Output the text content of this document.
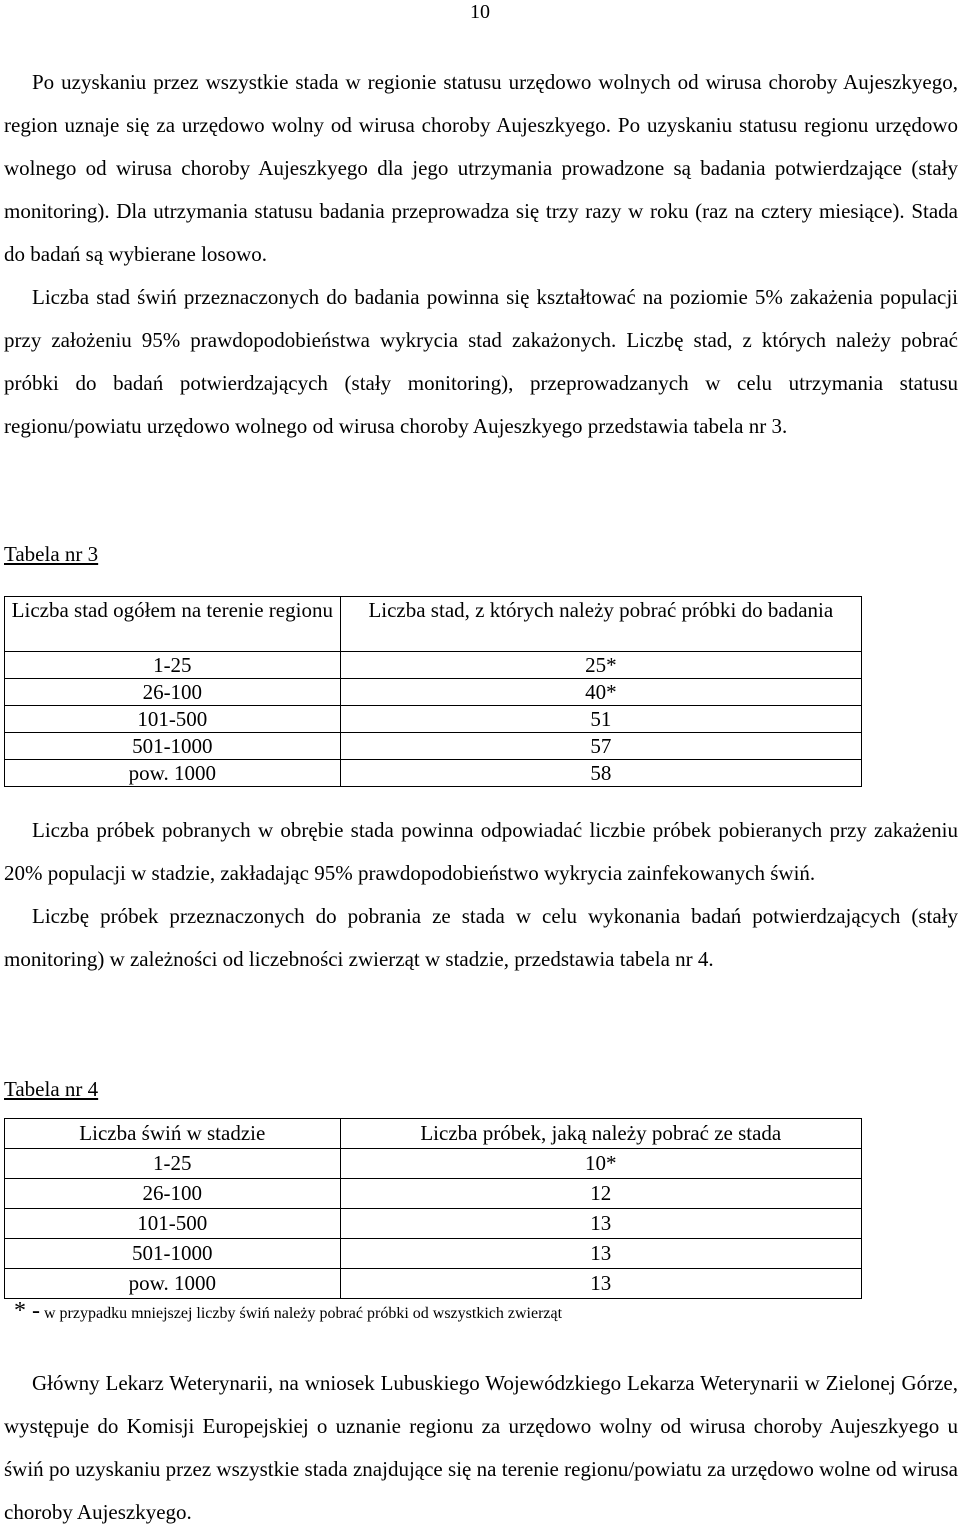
10

Po uzyskaniu przez wszystkie stada w regionie statusu urzędowo wolnych od wirusa choroby Aujeszkyego, region uznaje się za urzędowo wolny od wirusa choroby Aujeszkyego. Po uzyskaniu statusu regionu urzędowo wolnego od wirusa choroby Aujeszkyego dla jego utrzymania prowadzone są badania potwierdzające (stały monitoring). Dla utrzymania statusu badania przeprowadza się trzy razy w roku (raz na cztery miesiące). Stada do badań są wybierane losowo.

Liczba stad świń przeznaczonych do badania powinna się kształtować na poziomie 5% zakażenia populacji przy założeniu 95% prawdopodobieństwa wykrycia stad zakażonych. Liczbę stad, z których należy pobrać próbki do badań potwierdzających (stały monitoring), przeprowadzanych w celu utrzymania statusu regionu/powiatu urzędowo wolnego od wirusa choroby Aujeszkyego przedstawia tabela nr 3.

Tabela nr 3
Liczba stad ogółem na terenie regionu	Liczba stad, z których należy pobrać próbki do badania
1-25	25*
26-100	40*
101-500	51
501-1000	57
pow. 1000	58

Liczba próbek pobranych w obrębie stada powinna odpowiadać liczbie próbek pobieranych przy zakażeniu 20% populacji w stadzie, zakładając 95% prawdopodobieństwo wykrycia zainfekowanych świń.

Liczbę próbek przeznaczonych do pobrania ze stada w celu wykonania badań potwierdzających (stały monitoring) w zależności od liczebności zwierząt w stadzie, przedstawia tabela nr 4.

Tabela nr 4
Liczba świń w stadzie	Liczba próbek, jaką należy pobrać ze stada
1-25	10*
26-100	12
101-500	13
501-1000	13
pow. 1000	13
* - w przypadku mniejszej liczby świń należy pobrać próbki od wszystkich zwierząt

Główny Lekarz Weterynarii, na wniosek Lubuskiego Wojewódzkiego Lekarza Weterynarii w Zielonej Górze, występuje do Komisji Europejskiej o uznanie regionu za urzędowo wolny od wirusa choroby Aujeszkyego u świń po uzyskaniu przez wszystkie stada znajdujące się na terenie regionu/powiatu za urzędowo wolne od wirusa choroby Aujeszkyego.
